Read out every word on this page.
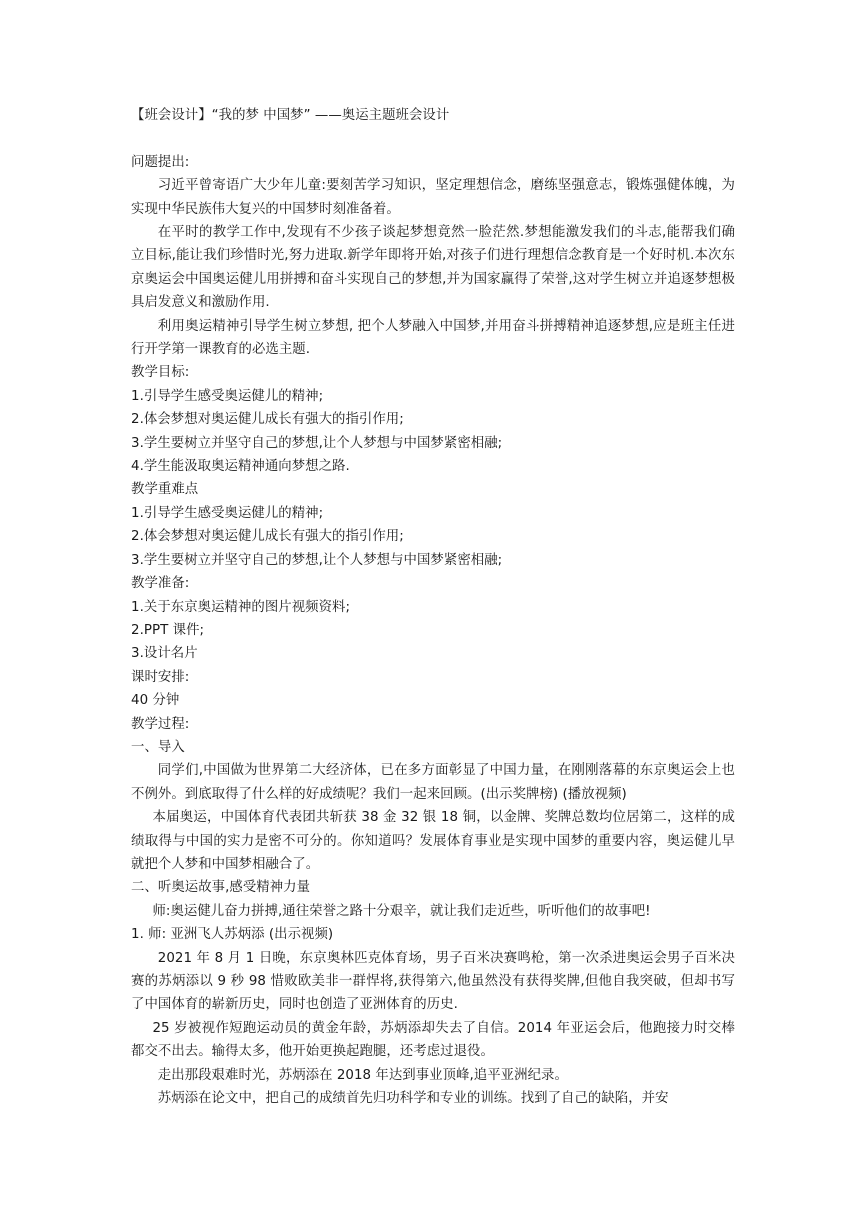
【班会设计】“我的梦 中国梦” ——奥运主题班会设计

问题提出:

习近平曾寄语广大少年儿童:要刻苦学习知识，坚定理想信念，磨练坚强意志，锻炼强健体魄，为实现中华民族伟大复兴的中国梦时刻准备着。

在平时的教学工作中,发现有不少孩子谈起梦想竟然一脸茫然.梦想能激发我们的斗志,能帮我们确立目标,能让我们珍惜时光,努力进取.新学年即将开始,对孩子们进行理想信念教育是一个好时机.本次东京奥运会中国奥运健儿用拼搏和奋斗实现自己的梦想,并为国家赢得了荣誉,这对学生树立并追逐梦想极具启发意义和激励作用.

利用奥运精神引导学生树立梦想, 把个人梦融入中国梦,并用奋斗拼搏精神追逐梦想,应是班主任进行开学第一课教育的必选主题.

教学目标:

1.引导学生感受奥运健儿的精神;

2.体会梦想对奥运健儿成长有强大的指引作用;

3.学生要树立并坚守自己的梦想,让个人梦想与中国梦紧密相融;

4.学生能汲取奥运精神通向梦想之路.

教学重难点

1.引导学生感受奥运健儿的精神;

2.体会梦想对奥运健儿成长有强大的指引作用;

3.学生要树立并坚守自己的梦想,让个人梦想与中国梦紧密相融;

教学准备:

1.关于东京奥运精神的图片视频资料;

2.PPT 课件;

3.设计名片

课时安排:

40 分钟

教学过程:

一、导入

同学们,中国做为世界第二大经济体，已在多方面彰显了中国力量，在刚刚落幕的东京奥运会上也不例外。到底取得了什么样的好成绩呢？我们一起来回顾。(出示奖牌榜) (播放视频)

本届奥运，中国体育代表团共斩获 38 金 32 银 18 铜，以金牌、奖牌总数均位居第二，这样的成绩取得与中国的实力是密不可分的。你知道吗？发展体育事业是实现中国梦的重要内容，奥运健儿早就把个人梦和中国梦相融合了。

二、听奥运故事,感受精神力量

师:奥运健儿奋力拼搏,通往荣誉之路十分艰辛，就让我们走近些，听听他们的故事吧!

1. 师: 亚洲飞人苏炳添 (出示视频)

2021 年 8 月 1 日晚，东京奥林匹克体育场，男子百米决赛鸣枪，第一次杀进奥运会男子百米决赛的苏炳添以 9 秒 98 惜败欧美非一群悍将,获得第六,他虽然没有获得奖牌,但他自我突破，但却书写了中国体育的崭新历史，同时也创造了亚洲体育的历史.

25 岁被视作短跑运动员的黄金年龄，苏炳添却失去了自信。2014 年亚运会后，他跑接力时交棒都交不出去。输得太多，他开始更换起跑腿，还考虑过退役。

走出那段艰难时光，苏炳添在 2018 年达到事业顶峰,追平亚洲纪录。

苏炳添在论文中，把自己的成绩首先归功科学和专业的训练。找到了自己的缺陷，并安
